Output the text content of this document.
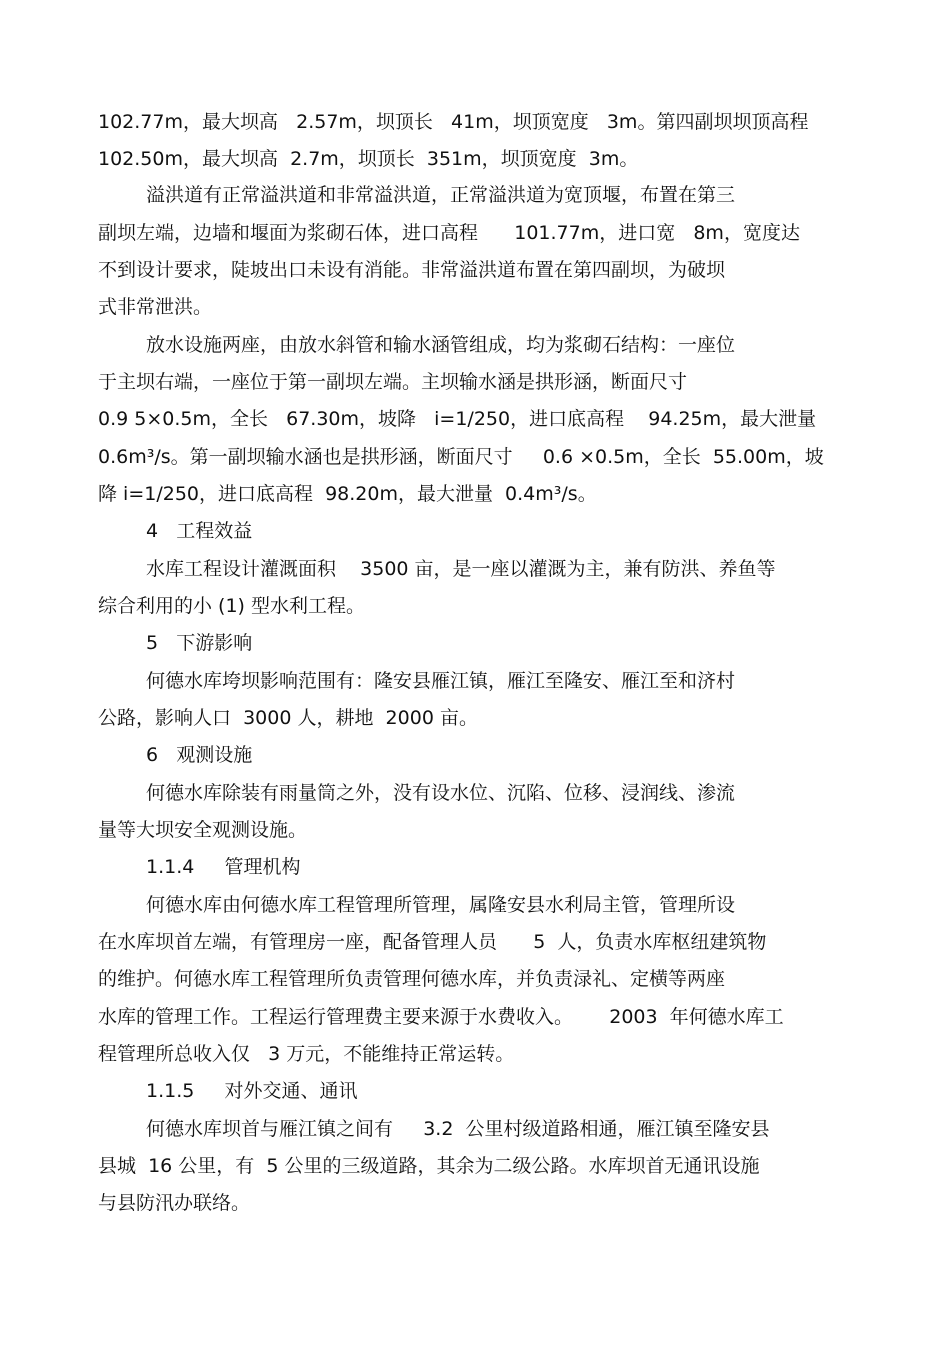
102.77m，最大坝高   2.57m，坝顶长   41m，坝顶宽度   3m。第四副坝坝顶高程
102.50m，最大坝高  2.7m，坝顶长  351m，坝顶宽度  3m。
溢洪道有正常溢洪道和非常溢洪道，正常溢洪道为宽顶堰，布置在第三
副坝左端，边墙和堰面为浆砌石体，进口高程      101.77m，进口宽   8m，宽度达
不到设计要求，陡坡出口未设有消能。非常溢洪道布置在第四副坝，为破坝
式非常泄洪。
放水设施两座，由放水斜管和输水涵管组成，均为浆砌石结构：一座位
于主坝右端，一座位于第一副坝左端。主坝输水涵是拱形涵，断面尺寸
0.9 5×0.5m，全长   67.30m，坡降   i=1/250，进口底高程    94.25m，最大泄量
0.6m³/s。第一副坝输水涵也是拱形涵，断面尺寸     0.6 ×0.5m，全长  55.00m，坡
降 i=1/250，进口底高程  98.20m，最大泄量  0.4m³/s。
4   工程效益
水库工程设计灌溉面积    3500 亩，是一座以灌溉为主，兼有防洪、养鱼等
综合利用的小 (1) 型水利工程。
5   下游影响
何德水库垮坝影响范围有：隆安县雁江镇，雁江至隆安、雁江至和济村
公路，影响人口  3000 人，耕地  2000 亩。
6   观测设施
何德水库除装有雨量筒之外，没有设水位、沉陷、位移、浸润线、渗流
量等大坝安全观测设施。
1.1.4     管理机构
何德水库由何德水库工程管理所管理，属隆安县水利局主管，管理所设
在水库坝首左端，有管理房一座，配备管理人员      5  人，负责水库枢纽建筑物
的维护。何德水库工程管理所负责管理何德水库，并负责渌礼、定横等两座
水库的管理工作。工程运行管理费主要来源于水费收入。      2003  年何德水库工
程管理所总收入仅   3 万元，不能维持正常运转。
1.1.5     对外交通、通讯
何德水库坝首与雁江镇之间有     3.2  公里村级道路相通，雁江镇至隆安县
县城  16 公里，有  5 公里的三级道路，其余为二级公路。水库坝首无通讯设施
与县防汛办联络。
